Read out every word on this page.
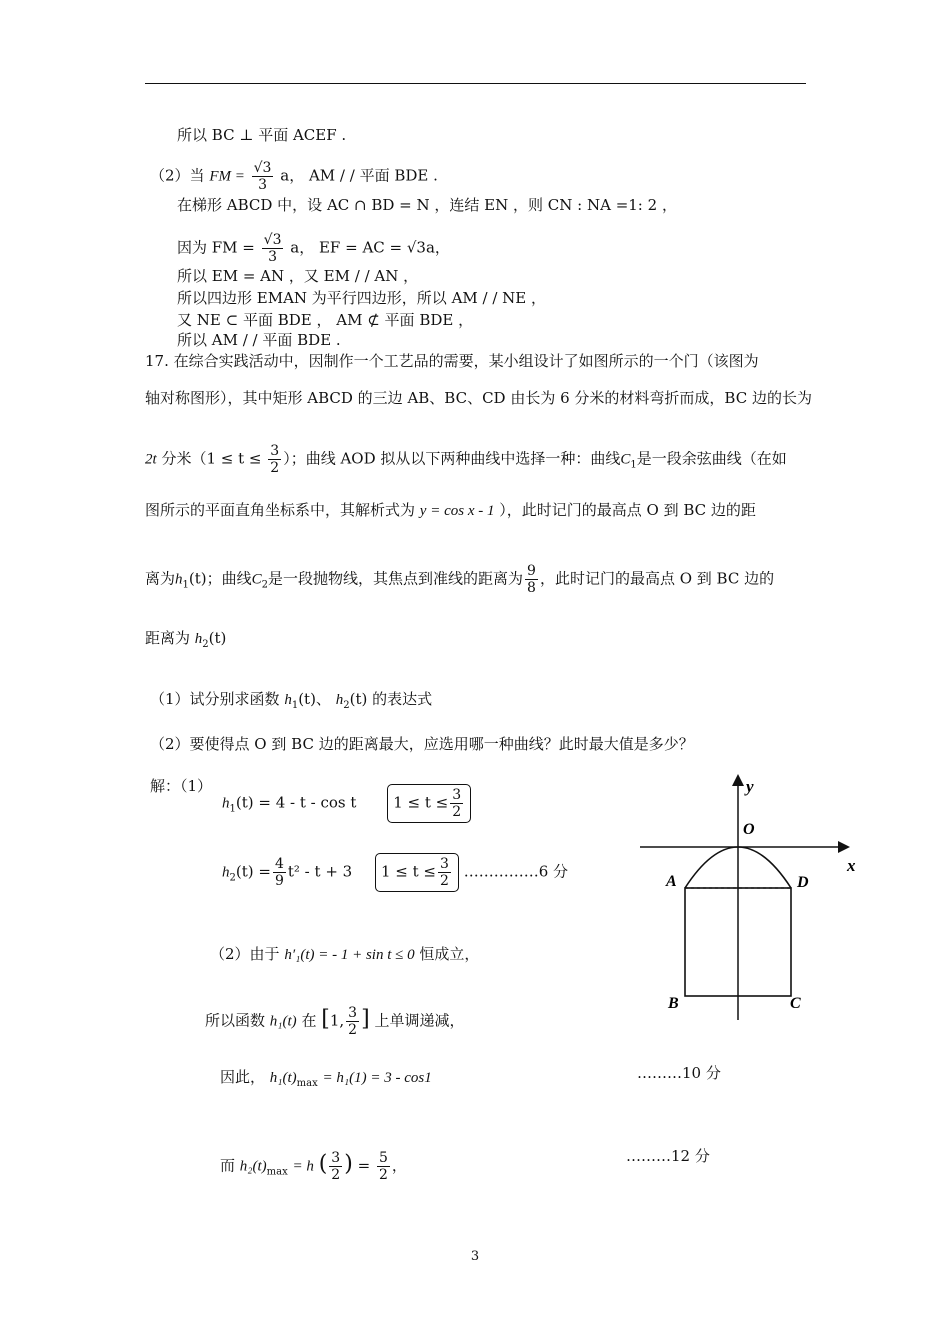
所以 BC ⊥ 平面 ACEF .
（2）当 FM = $\frac{√3}{3}$ a， AM / / 平面 BDE .
在梯形 ABCD 中，设 AC ∩ BD = N ，连结 EN ，则 CN : NA =1: 2 ，
因为 FM = $\frac{√3}{3}$ a， EF = AC = √3a，
所以 EM = AN ，又 EM / / AN ，
所以四边形 EMAN 为平行四边形，所以 AM / / NE ，
又 NE ⊂ 平面 BDE ， AM ⊄ 平面 BDE ，
所以 AM / / 平面 BDE .
17. 在综合实践活动中，因制作一个工艺品的需要，某小组设计了如图所示的一个门（该图为
轴对称图形），其中矩形 ABCD 的三边 AB、BC、CD 由长为 6 分米的材料弯折而成，BC 边的长为
2t 分米（$1 \le t \le \frac{3}{2}$ ）；曲线 AOD 拟从以下两种曲线中选择一种：曲线$C_1$是一段余弦曲线（在如
图所示的平面直角坐标系中，其解析式为 y = cos x - 1 ），此时记门的最高点 O 到 BC 边的距
离为$h_1(t)$；曲线$C_2$是一段抛物线，其焦点到准线的距离为 $\frac{9}{8}$ ，此时记门的最高点 O 到 BC 边的
距离为 $h_2(t)$
（1）试分别求函数 $h_1(t)$、 $h_2(t)$ 的表达式
（2）要使得点 O 到 BC 边的距离最大，应选用哪一种曲线？此时最大值是多少？
解：（1）
$h_1(t) = 4 - t - \cos t$ $1 \le t \le \frac{3}{2}$
$h_2(t) = \frac{4}{9} t^2 - t + 3$ $1 \le t \le \frac{3}{2}$ ……………6 分
（2）由于 h′₁(t) = - 1 + sin t ≤ 0 恒成立，
所以函数 h₁(t) 在 [1, $\frac{3}{2}$ ] 上单调递减，
因此， $h_1(t)_{max} = h_1(1) = 3 - \cos 1$	………10 分
而 $h_2(t)_{max} = h$ ( $\frac{3}{2}$ ) = $\frac{5}{2}$ ，
………12 分
y
x
O
A	D
B	C
3
